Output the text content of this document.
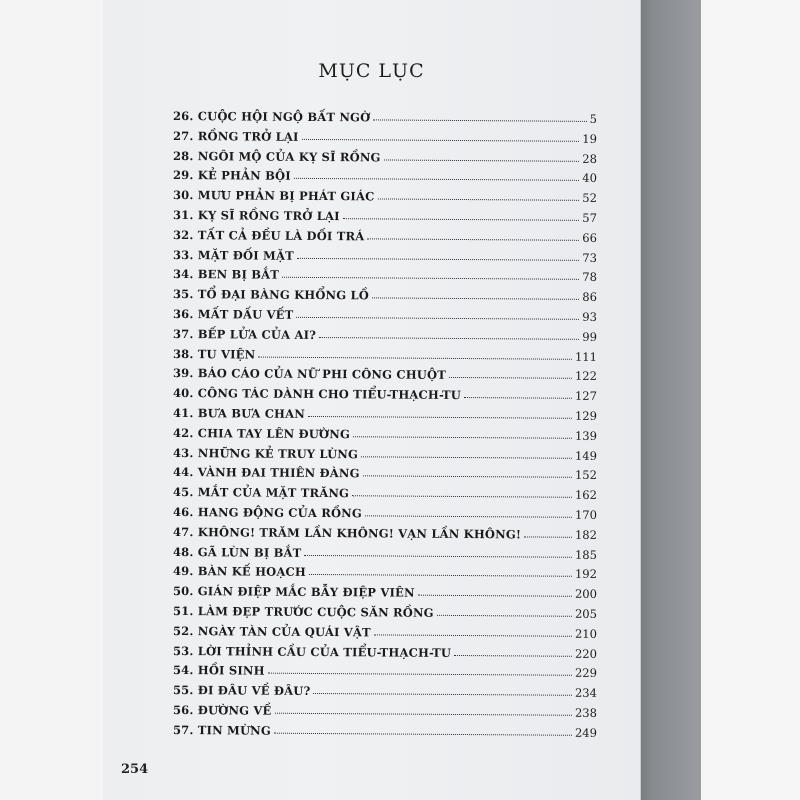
MỤC LỤC
26. CUỘC HỘI NGỘ BẤT NGỜ	5
27. RỒNG TRỞ LẠI	19
28. NGÔI MỘ CỦA KỴ SĨ RỒNG	28
29. KẺ PHẢN BỘI	40
30. MƯU PHẢN BỊ PHÁT GIÁC	52
31. KỴ SĨ RỒNG TRỞ LẠI	57
32. TẤT CẢ ĐỀU LÀ DỐI TRÁ	66
33. MẶT ĐỐI MẶT	73
34. BEN BỊ BẮT	78
35. TỔ ĐẠI BÀNG KHỔNG LỒ	86
36. MẤT DẤU VẾT	93
37. BẾP LỬA CỦA AI?	99
38. TU VIỆN	111
39. BÁO CÁO CỦA NỮ PHI CÔNG CHUỘT	122
40. CÔNG TÁC DÀNH CHO TIỂU-THẠCH-TU	127
41. BƯA BƯA CHAN	129
42. CHIA TAY LÊN ĐƯỜNG	139
43. NHỮNG KẺ TRUY LÙNG	149
44. VÀNH ĐAI THIÊN ĐÀNG	152
45. MẮT CỦA MẶT TRĂNG	162
46. HANG ĐỘNG CỦA RỒNG	170
47. KHÔNG! TRĂM LẦN KHÔNG! VẠN LẦN KHÔNG!	182
48. GÃ LÙN BỊ BẮT	185
49. BÀN KẾ HOẠCH	192
50. GIÁN ĐIỆP MẮC BẪY ĐIỆP VIÊN	200
51. LÀM ĐẸP TRƯỚC CUỘC SĂN RỒNG	205
52. NGÀY TÀN CỦA QUÁI VẬT	210
53. LỜI THỈNH CẦU CỦA TIỂU-THẠCH-TU	220
54. HỒI SINH	229
55. ĐI ĐÂU VỀ ĐÂU?	234
56. ĐƯỜNG VỀ	238
57. TIN MỪNG	249

254
